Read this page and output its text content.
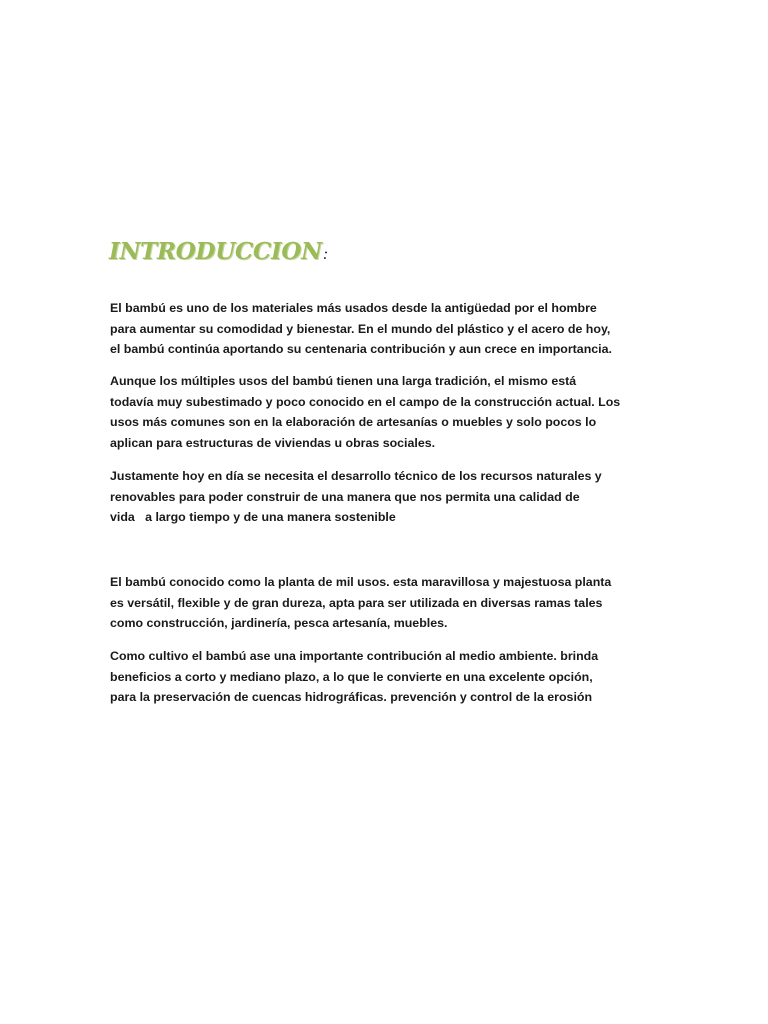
INTRODUCCION:

El bambú es uno de los materiales más usados desde la antigüedad por el hombre
para aumentar su comodidad y bienestar. En el mundo del plástico y el acero de hoy,
el bambú continúa aportando su centenaria contribución y aun crece en importancia.

Aunque los múltiples usos del bambú tienen una larga tradición, el mismo está
todavía muy subestimado y poco conocido en el campo de la construcción actual. Los
usos más comunes son en la elaboración de artesanías o muebles y solo pocos lo
aplican para estructuras de viviendas u obras sociales.

Justamente hoy en día se necesita el desarrollo técnico de los recursos naturales y
renovables para poder construir de una manera que nos permita una calidad de
vida   a largo tiempo y de una manera sostenible

El bambú conocido como la planta de mil usos. esta maravillosa y majestuosa planta
es versátil, flexible y de gran dureza, apta para ser utilizada en diversas ramas tales
como construcción, jardinería, pesca artesanía, muebles.

Como cultivo el bambú ase una importante contribución al medio ambiente. brinda
beneficios a corto y mediano plazo, a lo que le convierte en una excelente opción,
para la preservación de cuencas hidrográficas. prevención y control de la erosión
